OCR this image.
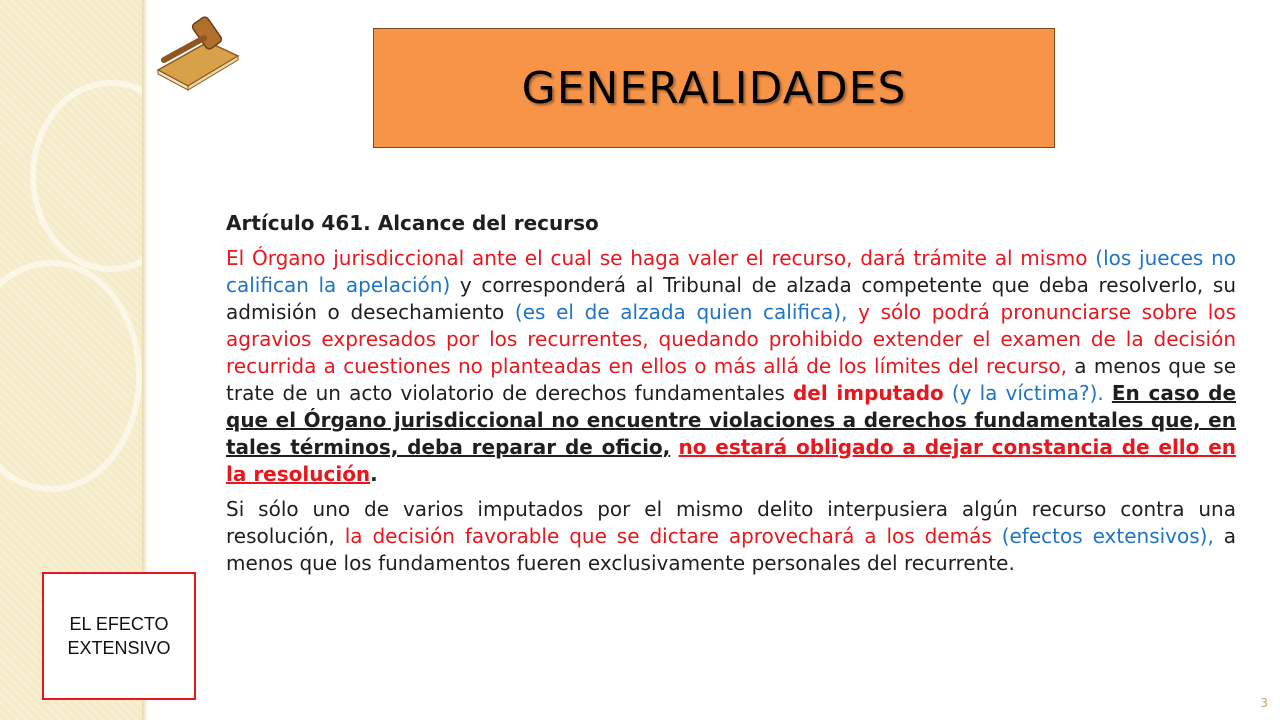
GENERALIDADES

Artículo 461. Alcance del recurso

El Órgano jurisdiccional ante el cual se haga valer el recurso, dará trámite al mismo (los jueces no califican la apelación) y corresponderá al Tribunal de alzada competente que deba resolverlo, su admisión o desechamiento (es el de alzada quien califica), y sólo podrá pronunciarse sobre los agravios expresados por los recurrentes, quedando prohibido extender el examen de la decisión recurrida a cuestiones no planteadas en ellos o más allá de los límites del recurso, a menos que se trate de un acto violatorio de derechos fundamentales del imputado (y la víctima?). En caso de que el Órgano jurisdiccional no encuentre violaciones a derechos fundamentales que, en tales términos, deba reparar de oficio, no estará obligado a dejar constancia de ello en la resolución.

Si sólo uno de varios imputados por el mismo delito interpusiera algún recurso contra una resolución, la decisión favorable que se dictare aprovechará a los demás (efectos extensivos), a menos que los fundamentos fueren exclusivamente personales del recurrente.

EL EFECTO
EXTENSIVO
3
